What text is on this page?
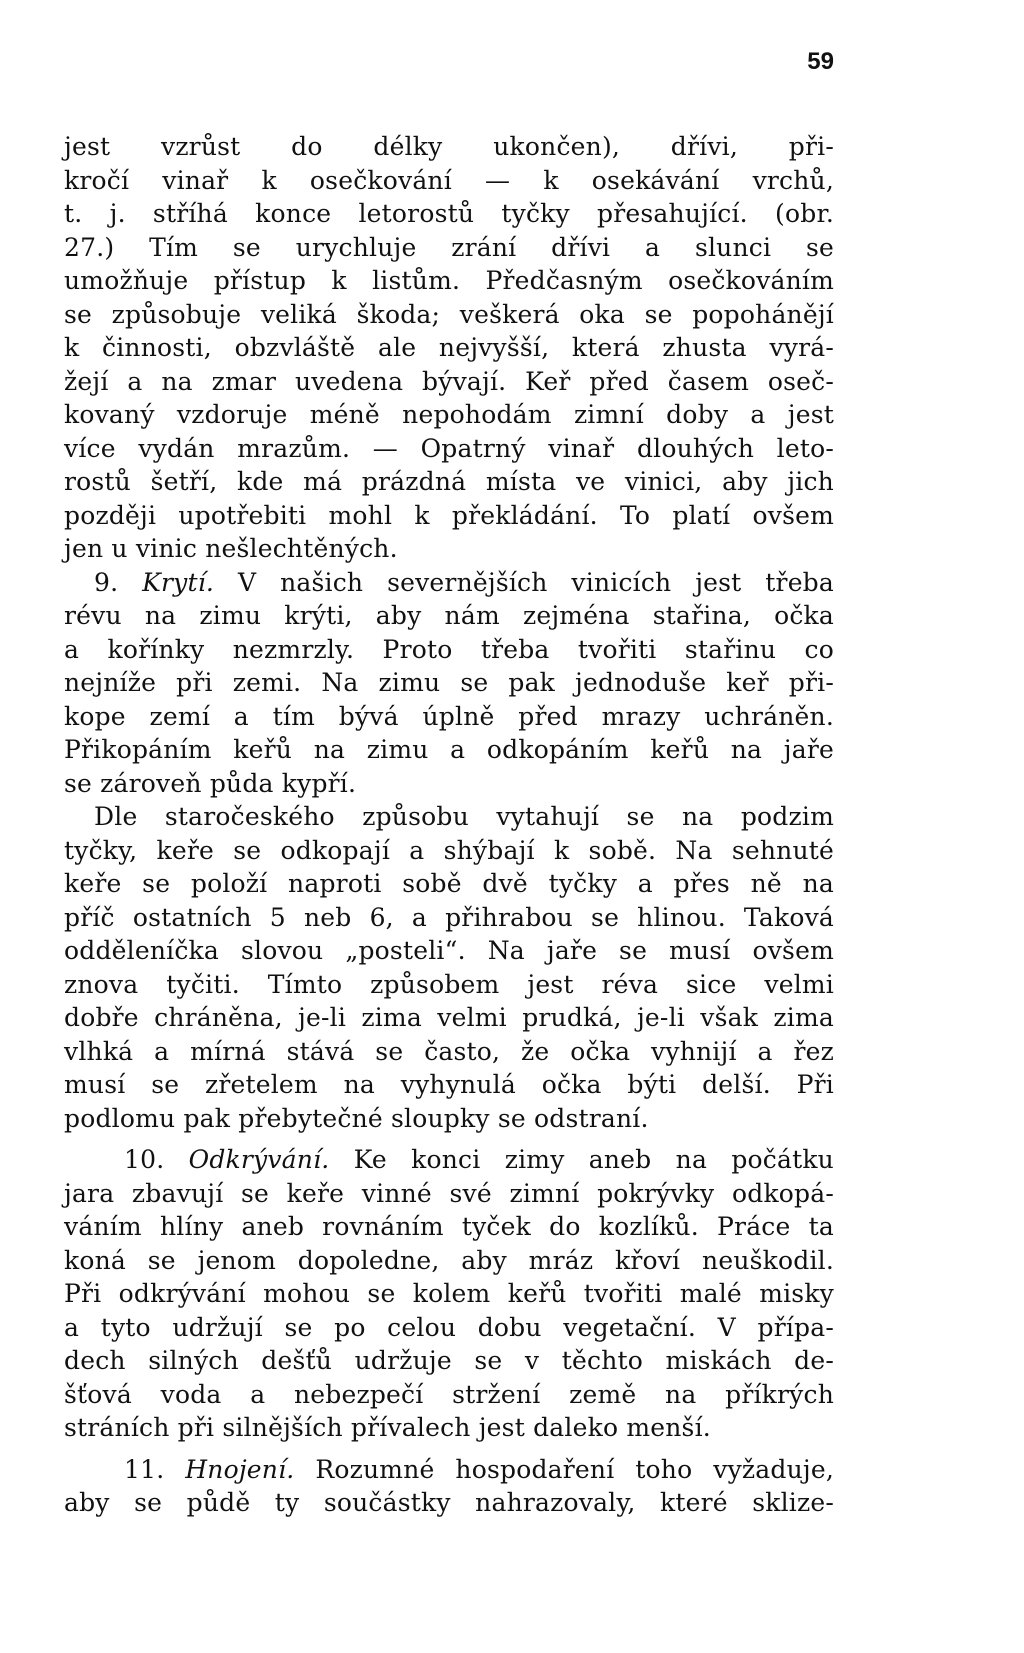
59
jest vzrůst do délky ukončen), dřívi, při-
kročí vinař k osečkování — k osekávání vrchů,
t. j. stříhá konce letorostů tyčky přesahující. (obr.
27.) Tím se urychluje zrání dřívi a slunci se
umožňuje přístup k listům. Předčasným osečkováním
se způsobuje veliká škoda; veškerá oka se popohánějí
k činnosti, obzvláště ale nejvyšší, která zhusta vyrá-
žejí a na zmar uvedena bývají. Keř před časem oseč-
kovaný vzdoruje méně nepohodám zimní doby a jest
více vydán mrazům. — Opatrný vinař dlouhých leto-
rostů šetří, kde má prázdná místa ve vinici, aby jich
později upotřebiti mohl k překládání. To platí ovšem
jen u vinic nešlechtěných.
9. Krytí. V našich severnějších vinicích jest třeba
révu na zimu krýti, aby nám zejména stařina, očka
a kořínky nezmrzly. Proto třeba tvořiti stařinu co
nejníže při zemi. Na zimu se pak jednoduše keř při-
kope zemí a tím bývá úplně před mrazy uchráněn.
Přikopáním keřů na zimu a odkopáním keřů na jaře
se zároveň půda kypří.
Dle staročeského způsobu vytahují se na podzim
tyčky, keře se odkopají a shýbají k sobě. Na sehnuté
keře se položí naproti sobě dvě tyčky a přes ně na
příč ostatních 5 neb 6, a přihrabou se hlinou. Taková
odděleníčka slovou „posteli“. Na jaře se musí ovšem
znova tyčiti. Tímto způsobem jest réva sice velmi
dobře chráněna, je-li zima velmi prudká, je-li však zima
vlhká a mírná stává se často, že očka vyhnijí a řez
musí se zřetelem na vyhynulá očka býti delší. Při
podlomu pak přebytečné sloupky se odstraní.
10. Odkrývání. Ke konci zimy aneb na počátku
jara zbavují se keře vinné své zimní pokrývky odkopá-
váním hlíny aneb rovnáním tyček do kozlíků. Práce ta
koná se jenom dopoledne, aby mráz křoví neuškodil.
Při odkrývání mohou se kolem keřů tvořiti malé misky
a tyto udržují se po celou dobu vegetační. V přípa-
dech silných dešťů udržuje se v těchto miskách de-
šťová voda a nebezpečí stržení země na příkrých
stráních při silnějších přívalech jest daleko menší.
11. Hnojení. Rozumné hospodaření toho vyžaduje,
aby se půdě ty součástky nahrazovaly, které sklize-
